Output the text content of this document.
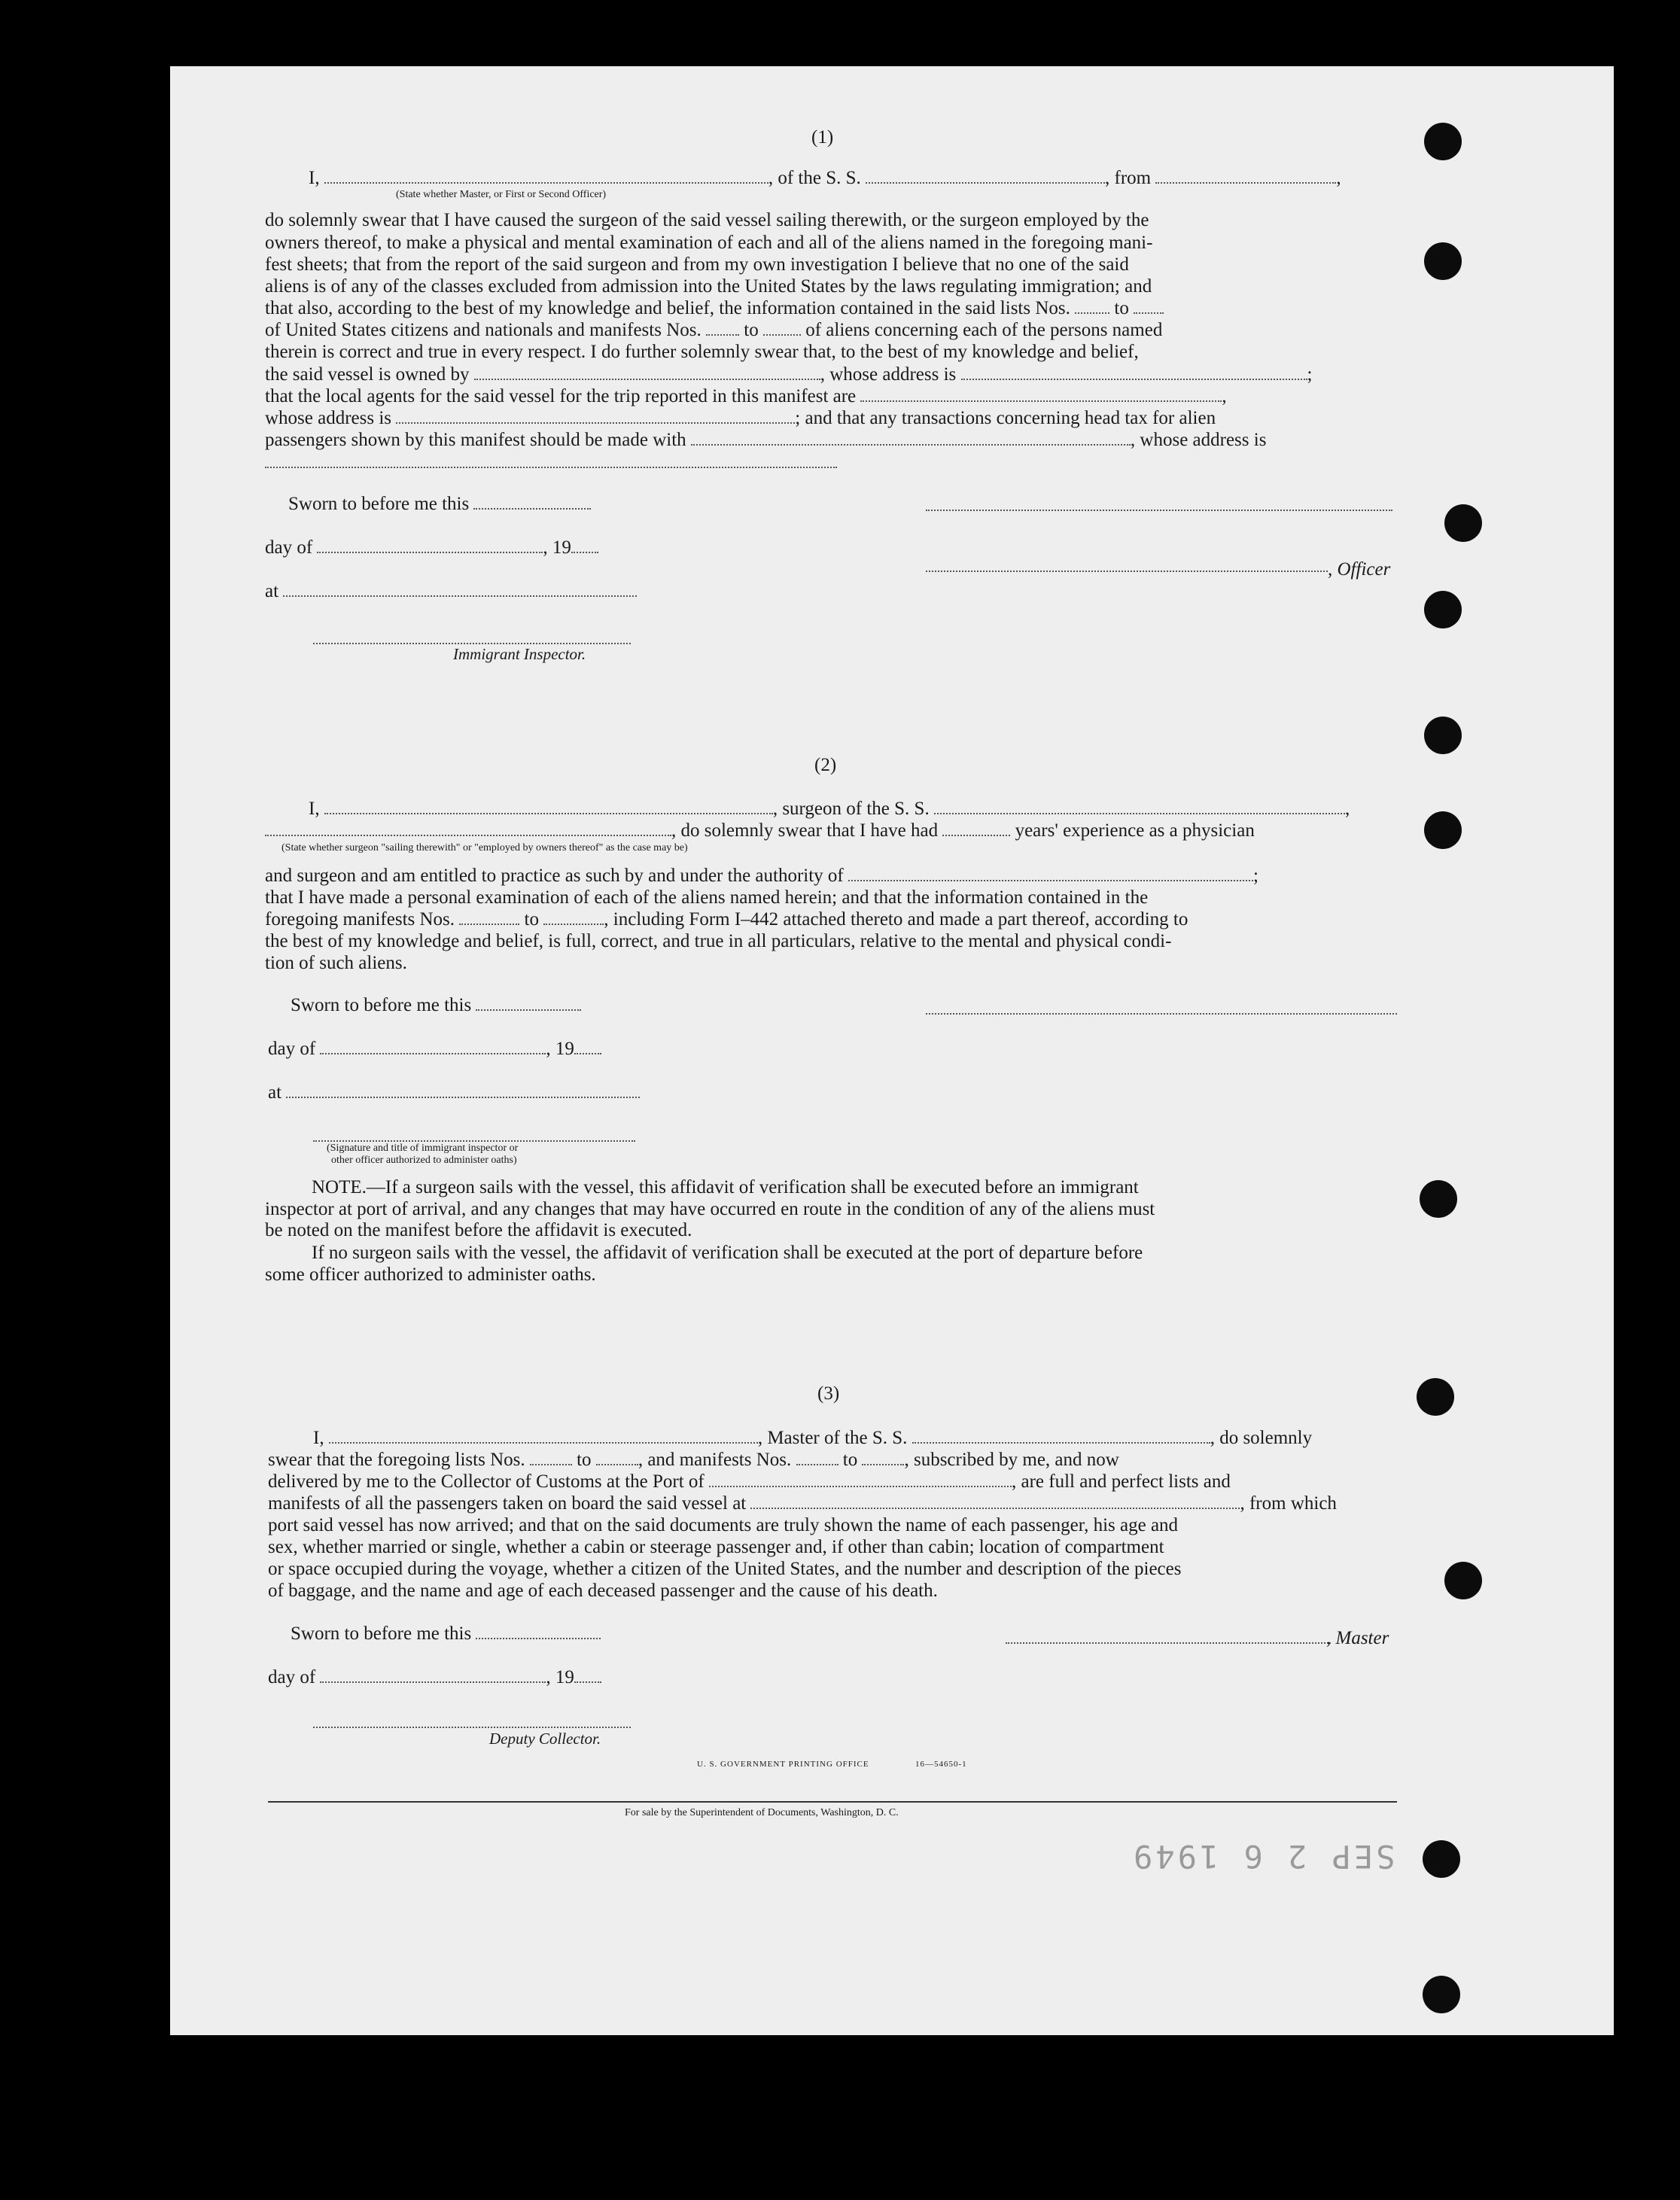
(1)
I,	, of the S. S.	, from	,
(State whether Master, or First or Second Officer)
do solemnly swear that I have caused the surgeon of the said vessel sailing therewith, or the surgeon employed by the
owners thereof, to make a physical and mental examination of each and all of the aliens named in the foregoing mani-
fest sheets; that from the report of the said surgeon and from my own investigation I believe that no one of the said
aliens is of any of the classes excluded from admission into the United States by the laws regulating immigration; and
that also, according to the best of my knowledge and belief, the information contained in the said lists Nos. to
of United States citizens and nationals and manifests Nos. to	of aliens concerning each of the persons named
therein is correct and true in every respect. I do further solemnly swear that, to the best of my knowledge and belief,
the said vessel is owned by	, whose address is	;
that the local agents for the said vessel for the trip reported in this manifest are	,
whose address is	; and that any transactions concerning head tax for alien
passengers shown by this manifest should be made with	, whose address is
Sworn to before me this
day of	, 19
, Officer
at
Immigrant Inspector.
(2)
I,	, surgeon of the S. S.	,
, do solemnly swear that I have had	years' experience as a physician
(State whether surgeon "sailing therewith" or "employed by owners thereof" as the case may be)
and surgeon and am entitled to practice as such by and under the authority of	;
that I have made a personal examination of each of the aliens named herein; and that the information contained in the
foregoing manifests Nos.	to	, including Form I–442 attached thereto and made a part thereof, according to
the best of my knowledge and belief, is full, correct, and true in all particulars, relative to the mental and physical condi-
tion of such aliens.
Sworn to before me this
day of	, 19
at
(Signature and title of immigrant inspector or
other officer authorized to administer oaths)
NOTE.—If a surgeon sails with the vessel, this affidavit of verification shall be executed before an immigrant
inspector at port of arrival, and any changes that may have occurred en route in the condition of any of the aliens must
be noted on the manifest before the affidavit is executed.
If no surgeon sails with the vessel, the affidavit of verification shall be executed at the port of departure before
some officer authorized to administer oaths.
(3)
I,	, Master of the S. S.	, do solemnly
swear that the foregoing lists Nos.	to , and manifests Nos.	to , subscribed by me, and now
delivered by me to the Collector of Customs at the Port of	, are full and perfect lists and
manifests of all the passengers taken on board the said vessel at	, from which
port said vessel has now arrived; and that on the said documents are truly shown the name of each passenger, his age and
sex, whether married or single, whether a cabin or steerage passenger and, if other than cabin; location of compartment
or space occupied during the voyage, whether a citizen of the United States, and the number and description of the pieces
of baggage, and the name and age of each deceased passenger and the cause of his death.
Sworn to before me this	, Master
day of	, 19
Deputy Collector.
U. S. GOVERNMENT PRINTING OFFICE	16—54650-1
For sale by the Superintendent of Documents, Washington, D. C.
SEP 2 6 1949
